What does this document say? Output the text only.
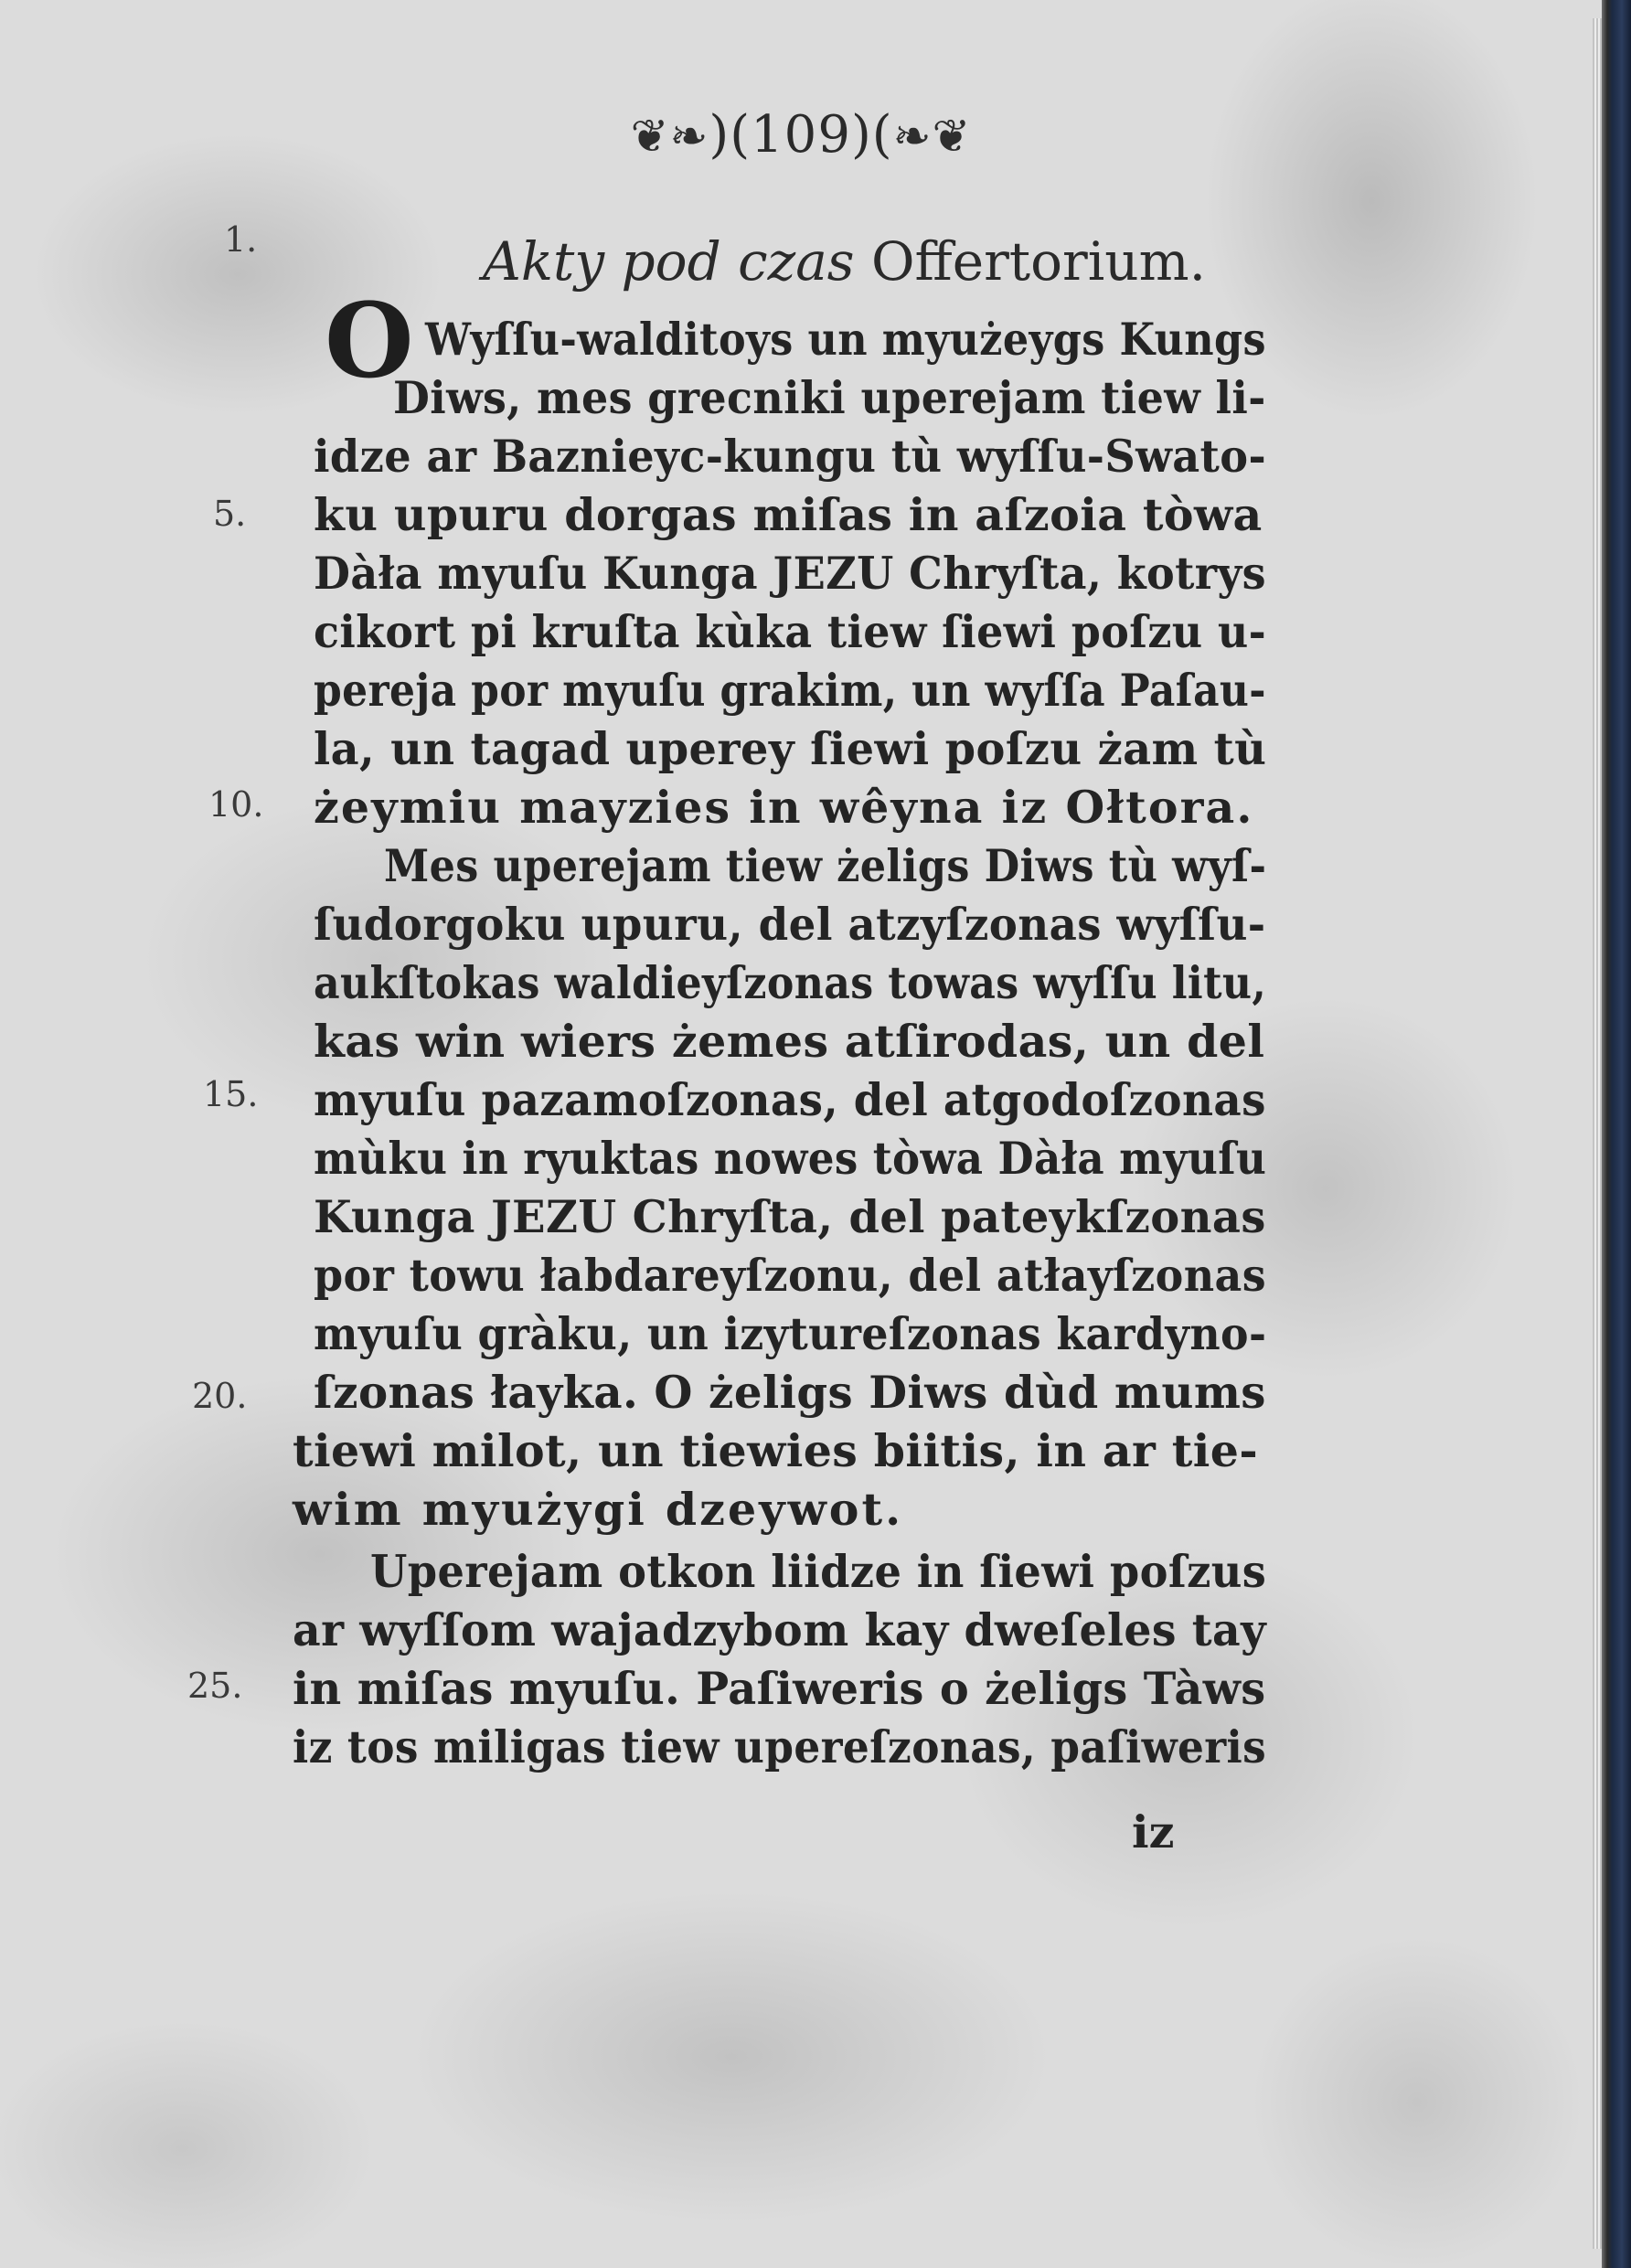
❦❧)(109)(❧❦
Akty pod czas Offertorium.
O Wyſſu-walditoys un myużeygs Kungs
Diws, mes grecniki uperejam tiew li-
idze ar Baznieyc-kungu tù wyſſu-Swato-
ku upuru dorgas miſas in aſzoia tòwa
Dàła myuſu Kunga JEZU Chryſta, kotrys
cikort pi kruſta kùka tiew ſiewi poſzu u-
pereja por myuſu grakim, un wyſſa Paſau-
la, un tagad uperey ſiewi poſzu żam tù
żeymiu mayzies in wêyna iz Ołtora.
Mes uperejam tiew żeligs Diws tù wyſ-
ſudorgoku upuru, del atzyſzonas wyſſu-
aukſtokas waldieyſzonas towas wyſſu litu,
kas win wiers żemes atſirodas, un del
myuſu pazamoſzonas, del atgodoſzonas
mùku in ryuktas nowes tòwa Dàła myuſu
Kunga JEZU Chryſta, del pateykſzonas
por towu łabdareyſzonu, del atłayſzonas
myuſu gràku, un izytureſzonas kardyno-
ſzonas łayka. O żeligs Diws dùd mums
tiewi milot, un tiewies biitis, in ar tie-
wim myużygi dzeywot.
Uperejam otkon liidze in ſiewi poſzus
ar wyſſom wajadzybom kay dweſeles tay
in miſas myuſu. Paſiweris o żeligs Tàws
iz tos miligas tiew upereſzonas, paſiweris
1.
5.
10.
15.
20.
25.
iz
